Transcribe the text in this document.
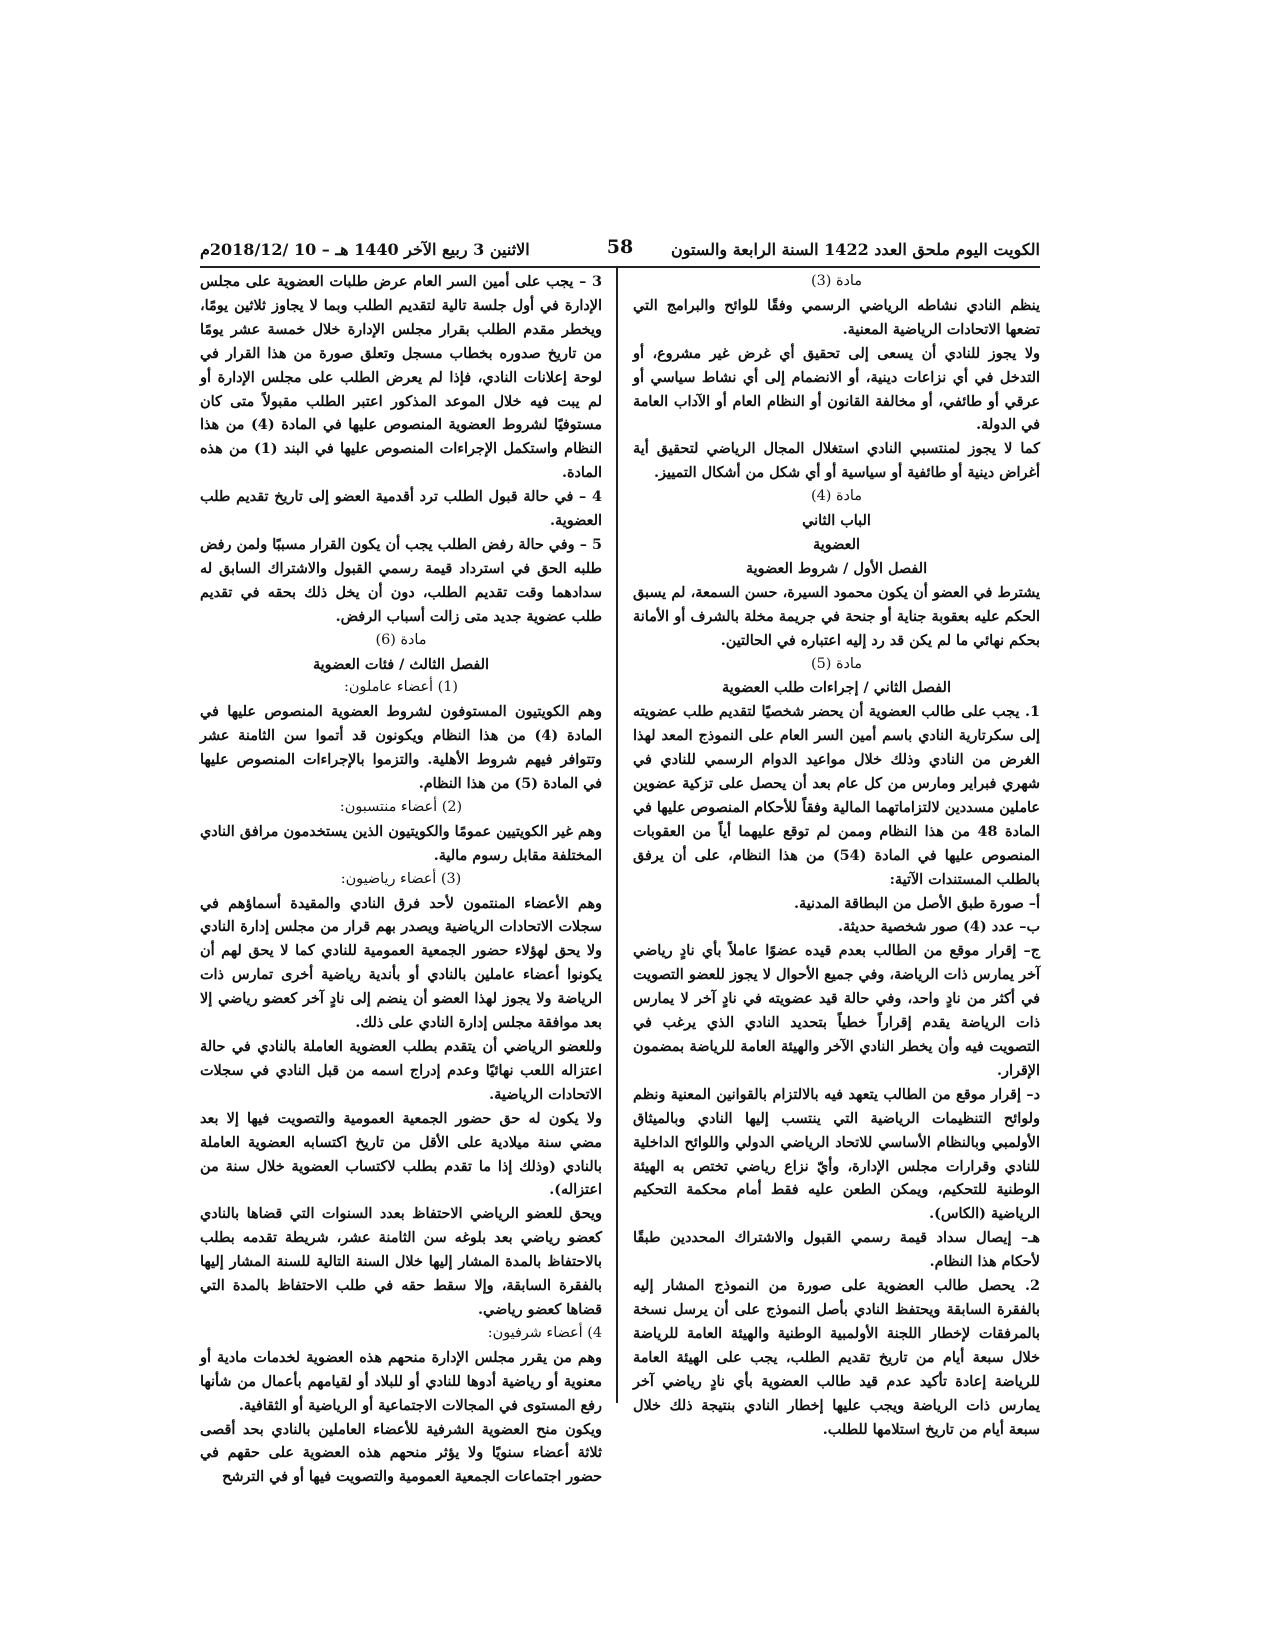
الكويت اليوم ملحق العدد 1422 السنة الرابعة والستون
58
الاثنين 3 ربيع الآخر 1440 هـ – 10 /2018/12م

مادة (3)

ينظم النادي نشاطه الرياضي الرسمي وفقًا للوائح والبرامج التي تضعها الاتحادات الرياضية المعنية.

ولا يجوز للنادي أن يسعى إلى تحقيق أي غرض غير مشروع، أو التدخل في أي نزاعات دينية، أو الانضمام إلى أي نشاط سياسي أو عرقي أو طائفي، أو مخالفة القانون أو النظام العام أو الآداب العامة في الدولة.

كما لا يجوز لمنتسبي النادي استغلال المجال الرياضي لتحقيق أية أغراض دينية أو طائفية أو سياسية أو أي شكل من أشكال التمييز.

مادة (4)

الباب الثاني

العضوية

الفصل الأول / شروط العضوية

يشترط في العضو أن يكون محمود السيرة، حسن السمعة، لم يسبق الحكم عليه بعقوبة جناية أو جنحة في جريمة مخلة بالشرف أو الأمانة بحكم نهائي ما لم يكن قد رد إليه اعتباره في الحالتين.

مادة (5)

الفصل الثاني / إجراءات طلب العضوية

1. يجب على طالب العضوية أن يحضر شخصيًا لتقديم طلب عضويته إلى سكرتارية النادي باسم أمين السر العام على النموذج المعد لهذا الغرض من النادي وذلك خلال مواعيد الدوام الرسمي للنادي في شهري فبراير ومارس من كل عام بعد أن يحصل على تزكية عضوين عاملين مسددين لالتزاماتهما المالية وفقاً للأحكام المنصوص عليها في المادة 48 من هذا النظام وممن لم توقع عليهما أياً من العقوبات المنصوص عليها في المادة (54) من هذا النظام، على أن يرفق بالطلب المستندات الآتية:

أ– صورة طبق الأصل من البطاقة المدنية.

ب– عدد (4) صور شخصية حديثة.

ج– إقرار موقع من الطالب بعدم قيده عضوًا عاملاً بأي نادٍ رياضي آخر يمارس ذات الرياضة، وفي جميع الأحوال لا يجوز للعضو التصويت في أكثر من نادٍ واحد، وفي حالة قيد عضويته في نادٍ آخر لا يمارس ذات الرياضة يقدم إقراراً خطياً بتحديد النادي الذي يرغب في التصويت فيه وأن يخطر النادي الآخر والهيئة العامة للرياضة بمضمون الإقرار.

د– إقرار موقع من الطالب يتعهد فيه بالالتزام بالقوانين المعنية ونظم ولوائح التنظيمات الرياضية التي ينتسب إليها النادي وبالميثاق الأولمبي وبالنظام الأساسي للاتحاد الرياضي الدولي واللوائح الداخلية للنادي وقرارات مجلس الإدارة، وأيّ نزاع رياضي تختص به الهيئة الوطنية للتحكيم، ويمكن الطعن عليه فقط أمام محكمة التحكيم الرياضية (الكاس).

هـ– إيصال سداد قيمة رسمي القبول والاشتراك المحددين طبقًا لأحكام هذا النظام.

2. يحصل طالب العضوية على صورة من النموذج المشار إليه بالفقرة السابقة ويحتفظ النادي بأصل النموذج على أن يرسل نسخة بالمرفقات لإخطار اللجنة الأولمبية الوطنية والهيئة العامة للرياضة خلال سبعة أيام من تاريخ تقديم الطلب، يجب على الهيئة العامة للرياضة إعادة تأكيد عدم قيد طالب العضوية بأي نادٍ رياضي آخر يمارس ذات الرياضة ويجب عليها إخطار النادي بنتيجة ذلك خلال سبعة أيام من تاريخ استلامها للطلب.

3 – يجب على أمين السر العام عرض طلبات العضوية على مجلس الإدارة في أول جلسة تالية لتقديم الطلب وبما لا يجاوز ثلاثين يومًا، ويخطر مقدم الطلب بقرار مجلس الإدارة خلال خمسة عشر يومًا من تاريخ صدوره بخطاب مسجل وتعلق صورة من هذا القرار في لوحة إعلانات النادي، فإذا لم يعرض الطلب على مجلس الإدارة أو لم يبت فيه خلال الموعد المذكور اعتبر الطلب مقبولاً متى كان مستوفيًا لشروط العضوية المنصوص عليها في المادة (4) من هذا النظام واستكمل الإجراءات المنصوص عليها في البند (1) من هذه المادة.

4 – في حالة قبول الطلب ترد أقدمية العضو إلى تاريخ تقديم طلب العضوية.

5 – وفي حالة رفض الطلب يجب أن يكون القرار مسببًا ولمن رفض طلبه الحق في استرداد قيمة رسمي القبول والاشتراك السابق له سدادهما وقت تقديم الطلب، دون أن يخل ذلك بحقه في تقديم طلب عضوية جديد متى زالت أسباب الرفض.

مادة (6)

الفصل الثالث / فئات العضوية

(1) أعضاء عاملون:

وهم الكويتيون المستوفون لشروط العضوية المنصوص عليها في المادة (4) من هذا النظام ويكونون قد أتموا سن الثامنة عشر وتتوافر فيهم شروط الأهلية. والتزموا بالإجراءات المنصوص عليها في المادة (5) من هذا النظام.

(2) أعضاء منتسبون:

وهم غير الكويتيين عمومًا والكويتيون الذين يستخدمون مرافق النادي المختلفة مقابل رسوم مالية.

(3) أعضاء رياضيون:

وهم الأعضاء المنتمون لأحد فرق النادي والمقيدة أسماؤهم في سجلات الاتحادات الرياضية ويصدر بهم قرار من مجلس إدارة النادي ولا يحق لهؤلاء حضور الجمعية العمومية للنادي كما لا يحق لهم أن يكونوا أعضاء عاملين بالنادي أو بأندية رياضية أخرى تمارس ذات الرياضة ولا يجوز لهذا العضو أن ينضم إلى نادٍ آخر كعضو رياضي إلا بعد موافقة مجلس إدارة النادي على ذلك.

وللعضو الرياضي أن يتقدم بطلب العضوية العاملة بالنادي في حالة اعتزاله اللعب نهائيًا وعدم إدراج اسمه من قبل النادي في سجلات الاتحادات الرياضية.

ولا يكون له حق حضور الجمعية العمومية والتصويت فيها إلا بعد مضي سنة ميلادية على الأقل من تاريخ اكتسابه العضوية العاملة بالنادي (وذلك إذا ما تقدم بطلب لاكتساب العضوية خلال سنة من اعتزاله).

ويحق للعضو الرياضي الاحتفاظ بعدد السنوات التي قضاها بالنادي كعضو رياضي بعد بلوغه سن الثامنة عشر، شريطة تقدمه بطلب بالاحتفاظ بالمدة المشار إليها خلال السنة التالية للسنة المشار إليها بالفقرة السابقة، وإلا سقط حقه في طلب الاحتفاظ بالمدة التي قضاها كعضو رياضي.

4) أعضاء شرفيون:

وهم من يقرر مجلس الإدارة منحهم هذه العضوية لخدمات مادية أو معنوية أو رياضية أدوها للنادي أو للبلاد أو لقيامهم بأعمال من شأنها رفع المستوى في المجالات الاجتماعية أو الرياضية أو الثقافية.

ويكون منح العضوية الشرفية للأعضاء العاملين بالنادي بحد أقصى ثلاثة أعضاء سنويًا ولا يؤثر منحهم هذه العضوية على حقهم في حضور اجتماعات الجمعية العمومية والتصويت فيها أو في الترشح
